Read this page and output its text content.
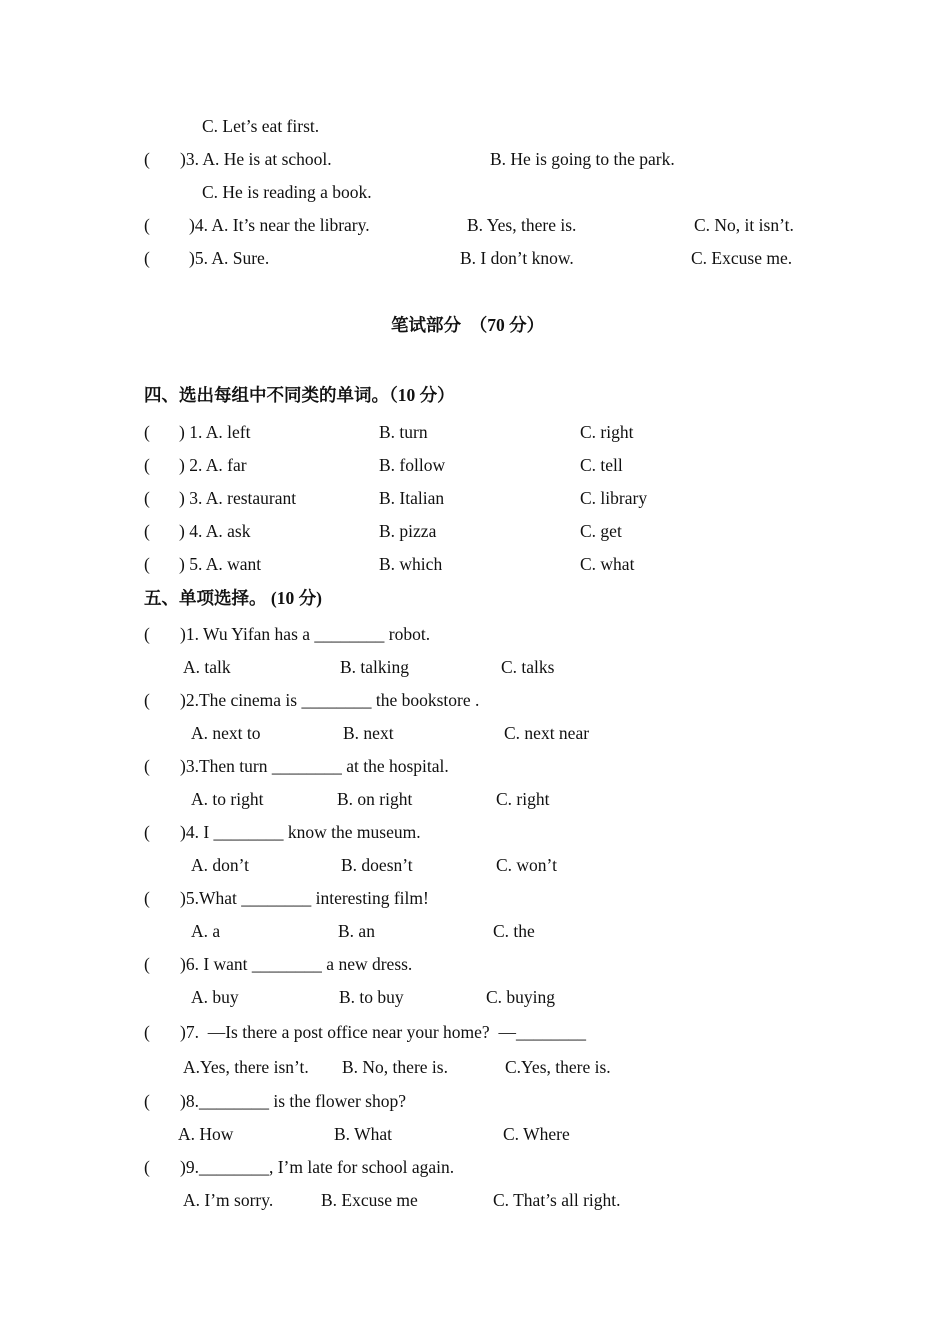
C. Let’s eat first.
( )3. A. He is at school.	B. He is going to the park.
C. He is reading a book.
( )4. A. It’s near the library.	B. Yes, there is.	C. No, it isn’t.
( )5. A. Sure.	B. I don’t know.	C. Excuse me.
笔试部分  （70 分）
四、选出每组中不同类的单词。（10 分）
( ) 1. A. left	B. turn	C. right
( ) 2. A. far	B. follow	C. tell
( ) 3. A. restaurant	B. Italian	C. library
( ) 4. A. ask	B. pizza	C. get
( ) 5. A. want	B. which	C. what
五、单项选择。 (10 分)
( )1. Wu Yifan has a ________ robot.
A. talk	B. talking	C. talks
( )2.The cinema is ________ the bookstore .
A. next to	B. next	C. next near
( )3.Then turn ________ at the hospital.
A. to right	B. on right	C. right
( )4. I ________ know the museum.
A. don’t	B. doesn’t	C. won’t
( )5.What ________ interesting film!
A. a	B. an	C. the
( )6. I want ________ a new dress.
A. buy	B. to buy	C. buying
( )7.  —Is there a post office near your home?  —________
A.Yes, there isn’t. B. No, there is.	C.Yes, there is.
( )8.________ is the flower shop?
A. How	B. What	C. Where
( )9.________, I’m late for school again.
A. I’m sorry.	B. Excuse me	C. That’s all right.
